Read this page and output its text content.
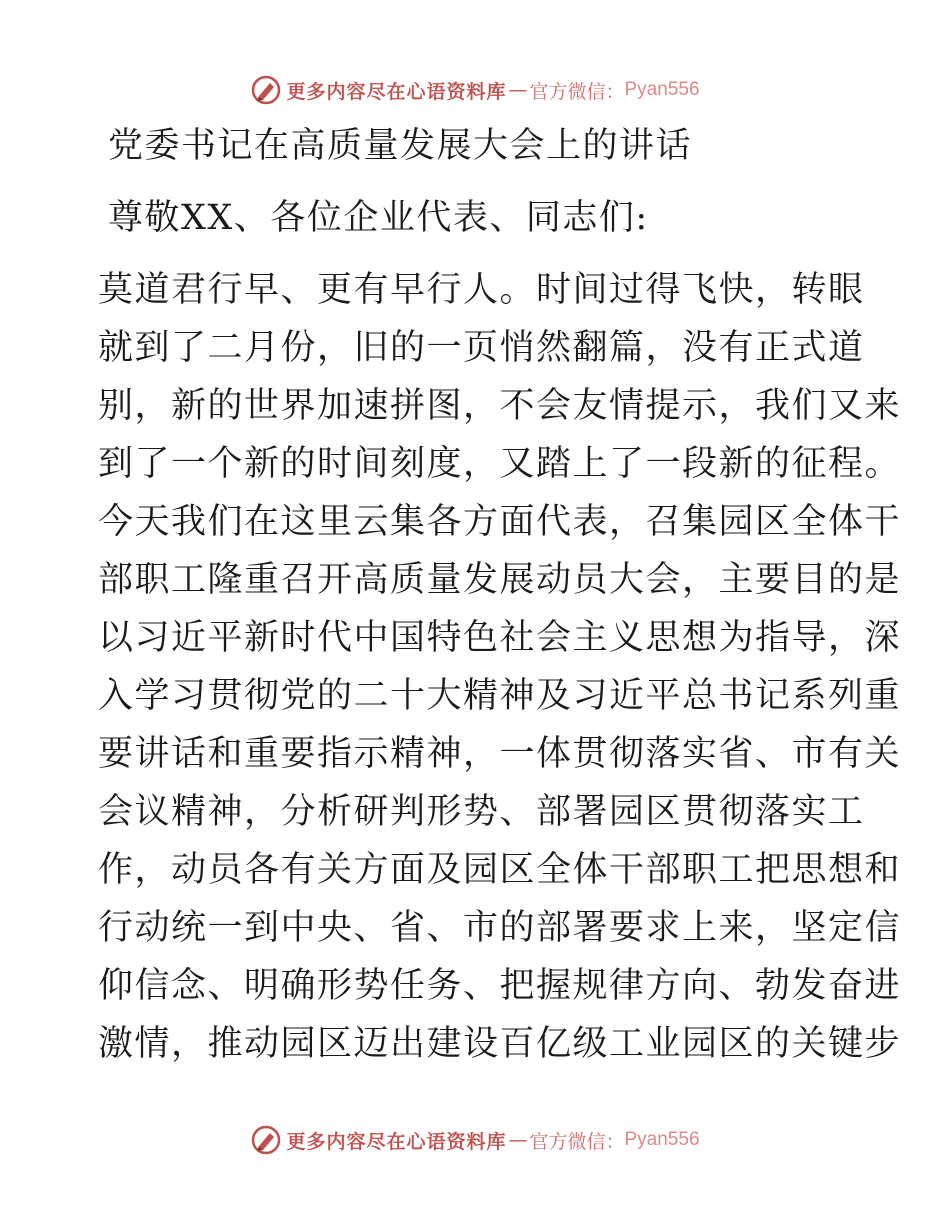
更多内容尽在心语资料库 — 官方微信： Pyan556
党委书记在高质量发展大会上的讲话
尊敬XX、各位企业代表、同志们:
莫道君行早、更有早行人。时间过得飞快，转眼
就到了二月份，旧的一页悄然翻篇，没有正式道
别，新的世界加速拼图，不会友情提示，我们又来
到了一个新的时间刻度，又踏上了一段新的征程。
今天我们在这里云集各方面代表，召集园区全体干
部职工隆重召开高质量发展动员大会，主要目的是
以习近平新时代中国特色社会主义思想为指导，深
入学习贯彻党的二十大精神及习近平总书记系列重
要讲话和重要指示精神，一体贯彻落实省、市有关
会议精神，分析研判形势、部署园区贯彻落实工
作，动员各有关方面及园区全体干部职工把思想和
行动统一到中央、省、市的部署要求上来，坚定信
仰信念、明确形势任务、把握规律方向、勃发奋进
激情，推动园区迈出建设百亿级工业园区的关键步
更多内容尽在心语资料库 — 官方微信： Pyan556
